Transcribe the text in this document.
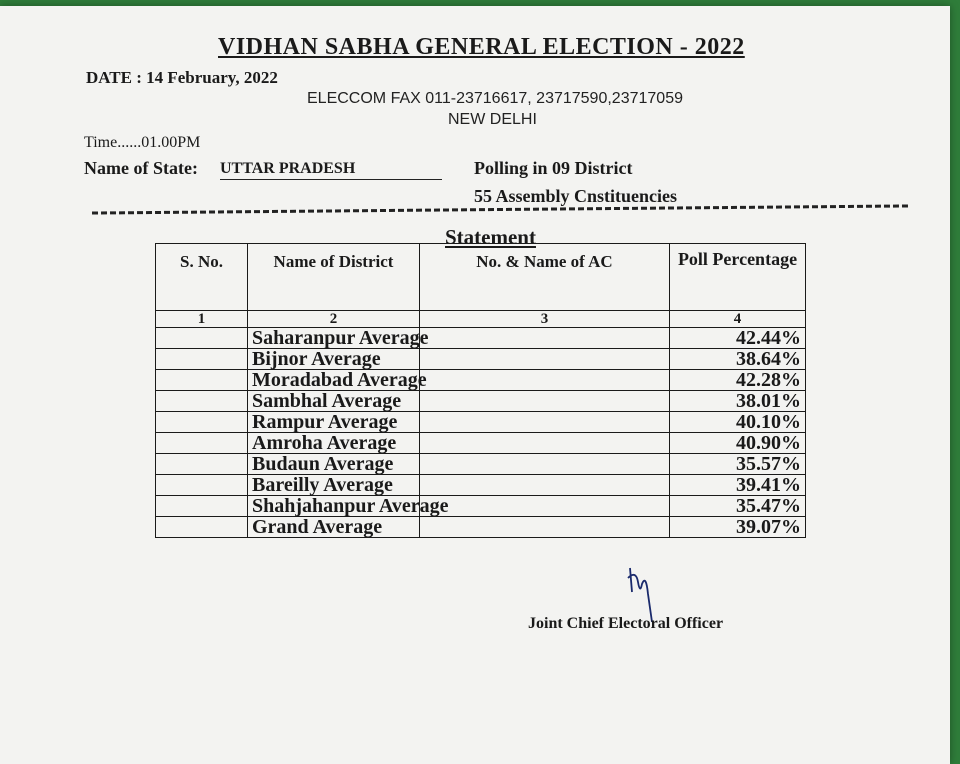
VIDHAN SABHA GENERAL ELECTION - 2022
DATE : 14 February, 2022
ELECCOM FAX 011-23716617, 23717590,23717059
NEW DELHI
Time......01.00PM
Name of State: UTTAR PRADESH	Polling in 09 District
55 Assembly Cnstituencies
Statement
S. No.	Name of District	No. & Name of AC	Poll Percentage
1	2	3	4
	Saharanpur Average		42.44%
	Bijnor Average		38.64%
	Moradabad Average		42.28%
	Sambhal Average		38.01%
	Rampur Average		40.10%
	Amroha Average		40.90%
	Budaun Average		35.57%
	Bareilly Average		39.41%
	Shahjahanpur Average		35.47%
	Grand Average		39.07%
Joint Chief Electoral Officer
